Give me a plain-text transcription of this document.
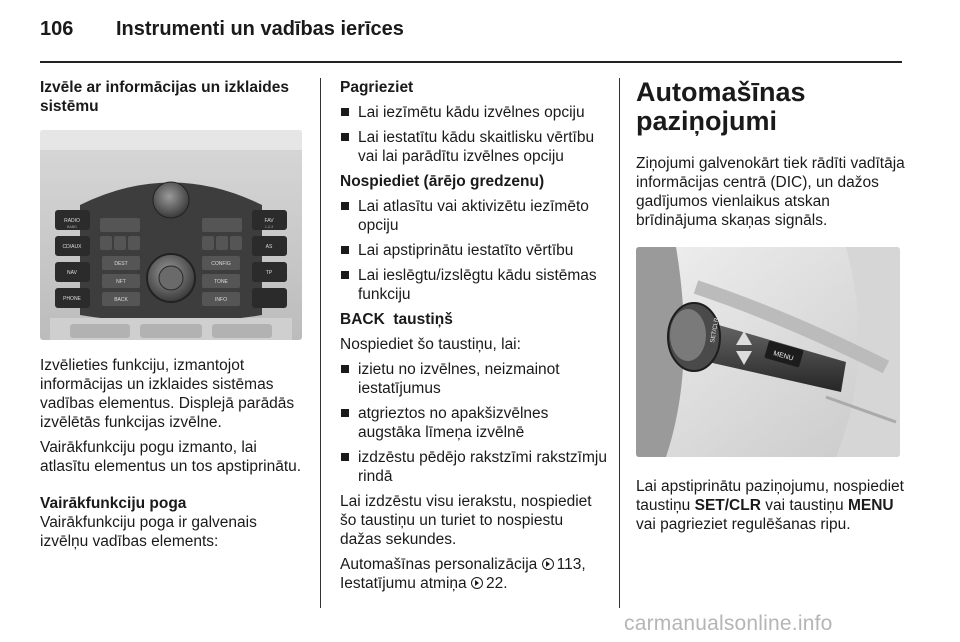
106 Instrumenti un vadības ierīces

Izvēle ar informācijas un izklaides sistēmu

RADIO
BAND
CD/AUX
NAV
PHONE
FAV
1-2-3
AS
TP
DEST	CONFIG
NFT	TONE
BACK	INFO

Izvēlieties funkciju, izmantojot informācijas un izklaides sistēmas vadības elementus. Displejā parādās izvēlētās funkcijas izvēlne.

Vairākfunkciju pogu izmanto, lai atlasītu elementus un tos apstiprinātu.

Vairākfunkciju poga

Vairākfunkciju poga ir galvenais izvēlņu vadības elements:

Pagrieziet

Lai iezīmētu kādu izvēlnes opciju
Lai iestatītu kādu skaitlisku vērtību vai lai parādītu izvēlnes opciju

Nospiediet (ārējo gredzenu)

Lai atlasītu vai aktivizētu iezīmēto opciju
Lai apstiprinātu iestatīto vērtību
Lai ieslēgtu/izslēgtu kādu sistēmas funkciju

BACK  taustiņš

Nospiediet šo taustiņu, lai:

izietu no izvēlnes, neizmainot iestatījumus
atgrieztos no apakšizvēlnes augstāka līmeņa izvēlnē
izdzēstu pēdējo rakstzīmi rakstzīmju rindā

Lai izdzēstu visu ierakstu, nospiediet šo taustiņu un turiet to nospiestu dažas sekundes.

Automašīnas personalizācija 113,
Iestatījumu atmiņa 22.

Automašīnas paziņojumi

Ziņojumi galvenokārt tiek rādīti vadītāja informācijas centrā (DIC), un dažos gadījumos vienlaikus atskan brīdinājuma skaņas signāls.

MENU
SET/CLR

Lai apstiprinātu paziņojumu, nospiediet taustiņu SET/CLR vai taustiņu MENU vai pagrieziet regulēšanas ripu.

carmanualsonline.info
